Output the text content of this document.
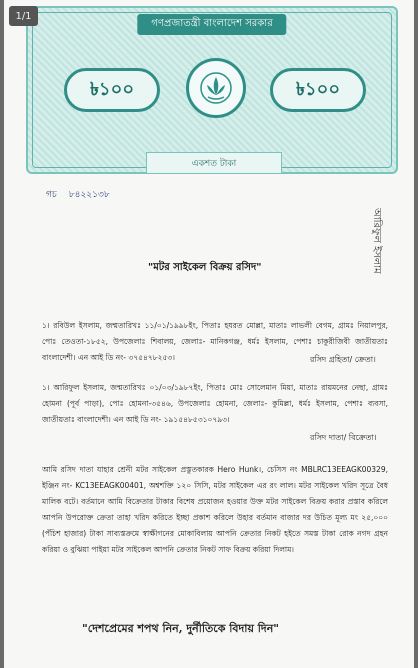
গণপ্রজাতন্ত্রী বাংলাদেশ সরকার
৳১০০	৳১০০
একশত টাকা
গচ ৮৪২২১৩৮
আরিফুল ইসলাম
"মটর সাইকেল বিক্রয় রসিদ"

১। রবিউল ইসলাম, জন্মতারিখঃ ১১/০১/১৯৯৮ইং, পিতাঃ হযরত মোল্লা, মাতাঃ লাভলী বেগম, গ্রামঃ নিয়ালপুর, পোঃ তেওতা-১৮৫২, উপজেলাঃ শিবালয়, জেলাঃ- মানিকগঞ্জ, ধর্মঃ ইসলাম, পেশাঃ চাকুরীজিবী জাতীয়তাঃ বাংলাদেশী। এন আই ডি নং- ৩৭৫৪৭৮২৫৩।	রসিদ গ্রহিতা/ ক্রেতা।

১। আরিফুল ইসলাম, জন্মতারিখঃ ০১/০৩/১৯৮৭ইং, পিতাঃ মোঃ সোলেমান মিয়া, মাতাঃ রায়মনের নেছা, গ্রামঃ হোমনা (পূর্ব পাড়া), পোঃ হোমনা-৩৫৪৬, উপজেলাঃ হোমনা, জেলাঃ- কুমিল্লা, ধর্মঃ ইসলাম, পেশাঃ ব্যবসা, জাতীয়তাঃ বাংলাদেশী। এন আই ডি নং- ১৯১৫৪৮৫৩১০৭৯৩।

রসিদ দাতা/ বিক্রেতা।

আমি রসিদ দাতা যাহার শ্রেনী মটর সাইকেল প্রস্তুতকারক Hero Hunk।, চেসিস নং MBLRC13EEAGK00329, ইঞ্জিন নং- KC13EEAGK00401, অশ্বশক্তি ১২০ সিসি, মটর সাইকেল এর রং লাল। মটর সাইকেল খরিদ সূত্রে বৈধ মালিক বটে। বর্তমানে আমি বিক্রেতার টাকার বিশেষ প্রয়োজন হওয়ার উক্ত মটর সাইকেল বিক্রয় করার প্রস্তাব করিলে আপনি উপরোক্ত ক্রেতা তাহা খরিদ করিতে ইচ্ছা প্রকাশ করিলে উহার বর্তমান বাজার দর উচিত মূল্য মং ২৫,০০০ (পঁচিশ হাজার) টাকা সাব্যস্তক্রমে স্বাক্ষীগনের মোকাবিলায় আপনি ক্রেতার নিকট হইতে সমস্ত টাকা রোক নগদ গ্রহন করিয়া ও বুঝিয়া পাইয়া মটর সাইকেল আপনি ক্রেতার নিকট সাফ বিক্রয় করিয়া দিলাম।

"দেশপ্রেমের শপথ নিন, দুর্নীতিকে বিদায় দিন"
1/1
